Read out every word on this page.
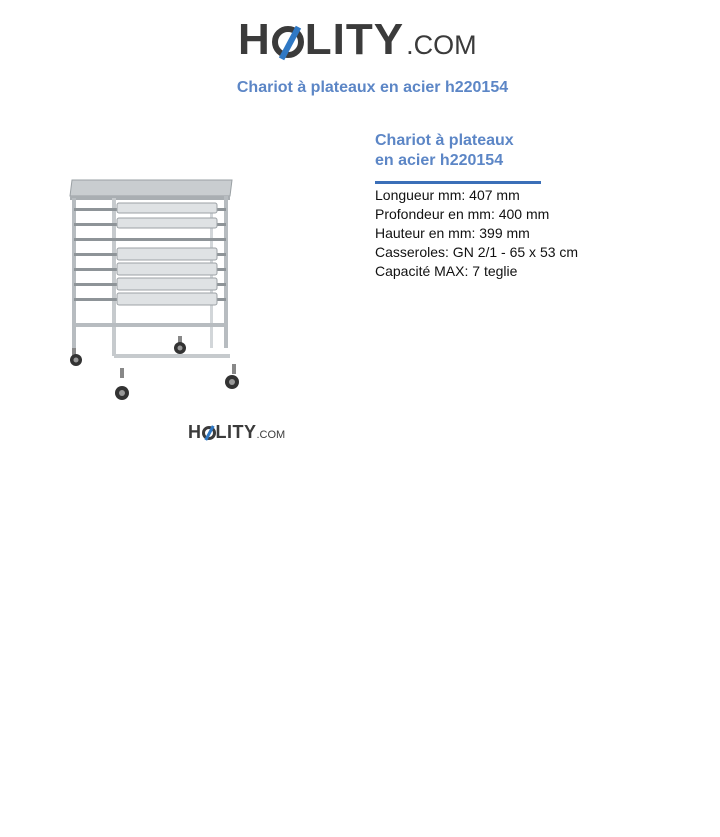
H LITY .COM
Chariot à plateaux en acier h220154
H LITY .COM
Chariot à plateaux
en acier h220154
Longueur mm: 407 mm
Profondeur en mm: 400 mm
Hauteur en mm: 399 mm
Casseroles: GN 2/1 - 65 x 53 cm
Capacité MAX: 7 teglie
